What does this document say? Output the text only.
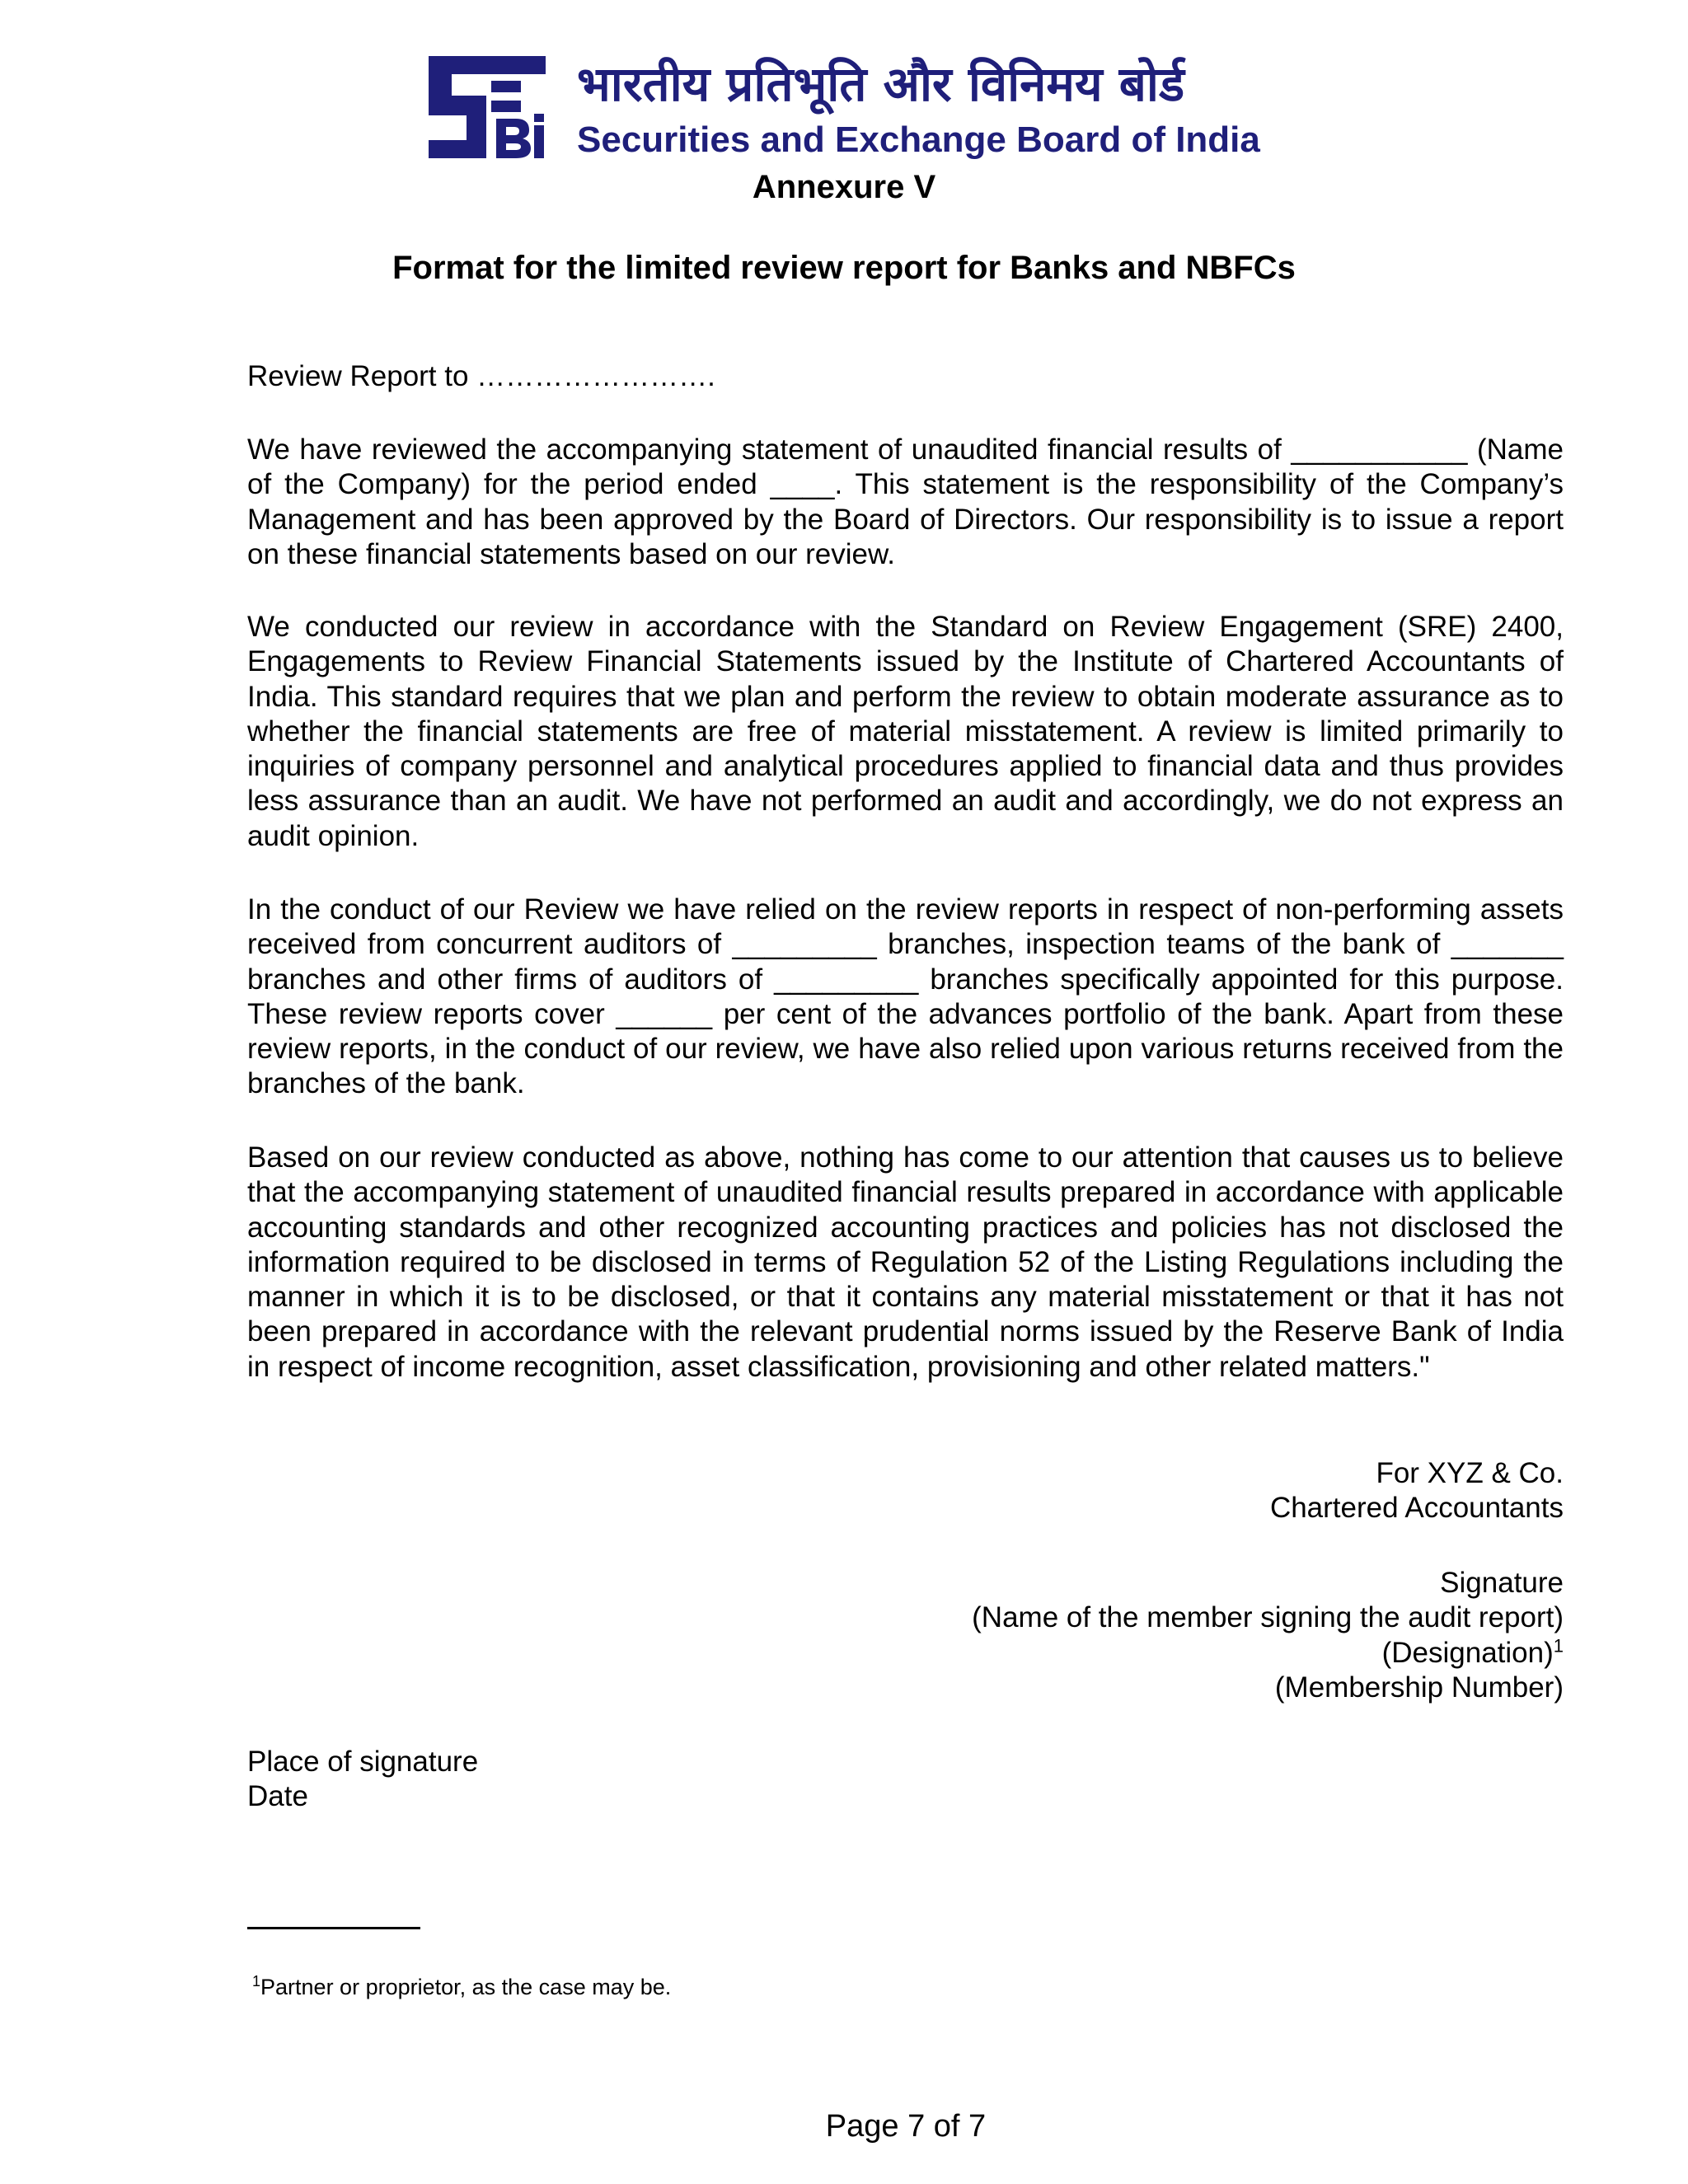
भारतीय प्रतिभूति और विनिमय बोर्ड
Securities and Exchange Board of India
Annexure V
Format for the limited review report for Banks and NBFCs
Review Report to …………………….
We have reviewed the accompanying statement of unaudited financial results of ___________ (Name of the Company) for the period ended ____. This statement is the responsibility of the Company’s Management and has been approved by the Board of Directors. Our responsibility is to issue a report on these financial statements based on our review.
We conducted our review in accordance with the Standard on Review Engagement (SRE) 2400, Engagements to Review Financial Statements issued by the Institute of Chartered Accountants of India. This standard requires that we plan and perform the review to obtain moderate assurance as to whether the financial statements are free of material misstatement. A review is limited primarily to inquiries of company personnel and analytical procedures applied to financial data and thus provides less assurance than an audit. We have not performed an audit and accordingly, we do not express an audit opinion.
In the conduct of our Review we have relied on the review reports in respect of non-performing assets received from concurrent auditors of _________ branches, inspection teams of the bank of _______ branches and other firms of auditors of _________ branches specifically appointed for this purpose. These review reports cover ______ per cent of the advances portfolio of the bank. Apart from these review reports, in the conduct of our review, we have also relied upon various returns received from the branches of the bank.
Based on our review conducted as above, nothing has come to our attention that causes us to believe that the accompanying statement of unaudited financial results prepared in accordance with applicable accounting standards and other recognized accounting practices and policies has not disclosed the information required to be disclosed in terms of Regulation 52 of the Listing Regulations including the manner in which it is to be disclosed, or that it contains any material misstatement or that it has not been prepared in accordance with the relevant prudential norms issued by the Reserve Bank of India in respect of income recognition, asset classification, provisioning and other related matters."
For XYZ & Co.
Chartered Accountants
Signature
(Name of the member signing the audit report)
(Designation)$^1$
(Membership Number)
Place of signature
Date
$^1$Partner or proprietor, as the case may be.
Page 7 of 7
